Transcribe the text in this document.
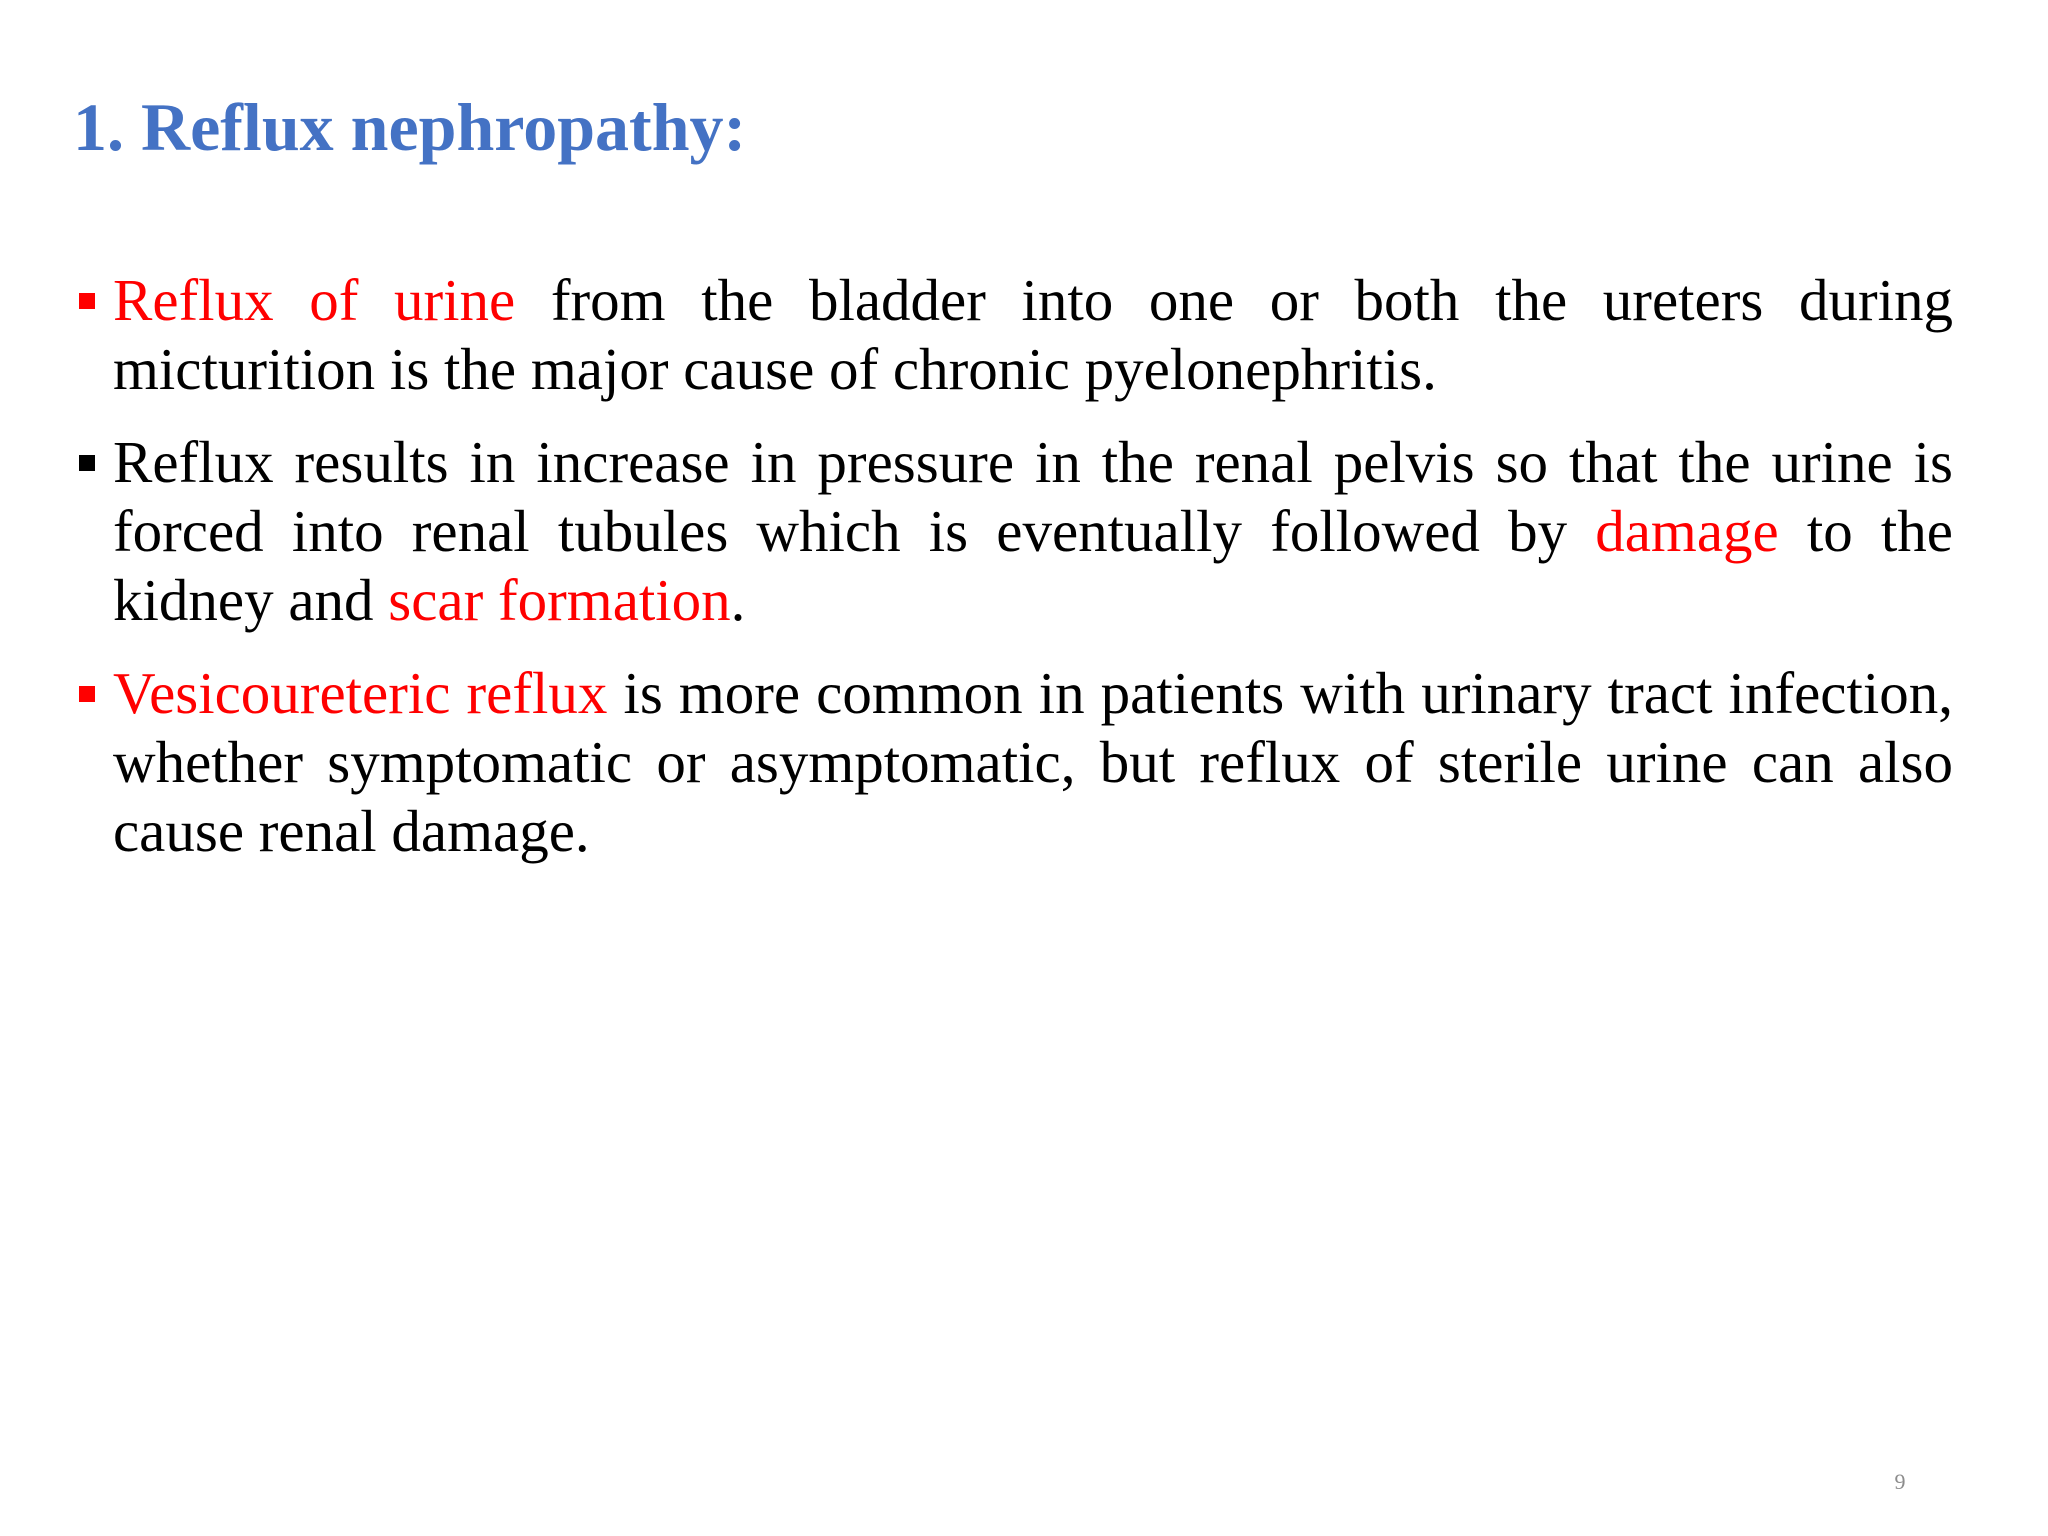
1. Reflux nephropathy:
Reflux of urine from the bladder into one or both the ureters during micturition is the major cause of chronic pyelonephritis.
Reflux results in increase in pressure in the renal pelvis so that the urine is forced into renal tubules which is eventually followed by damage to the kidney and scar formation.
Vesicoureteric reflux is more common in patients with urinary tract infection, whether symptomatic or asymptomatic, but reflux of sterile urine can also cause renal damage.
9
